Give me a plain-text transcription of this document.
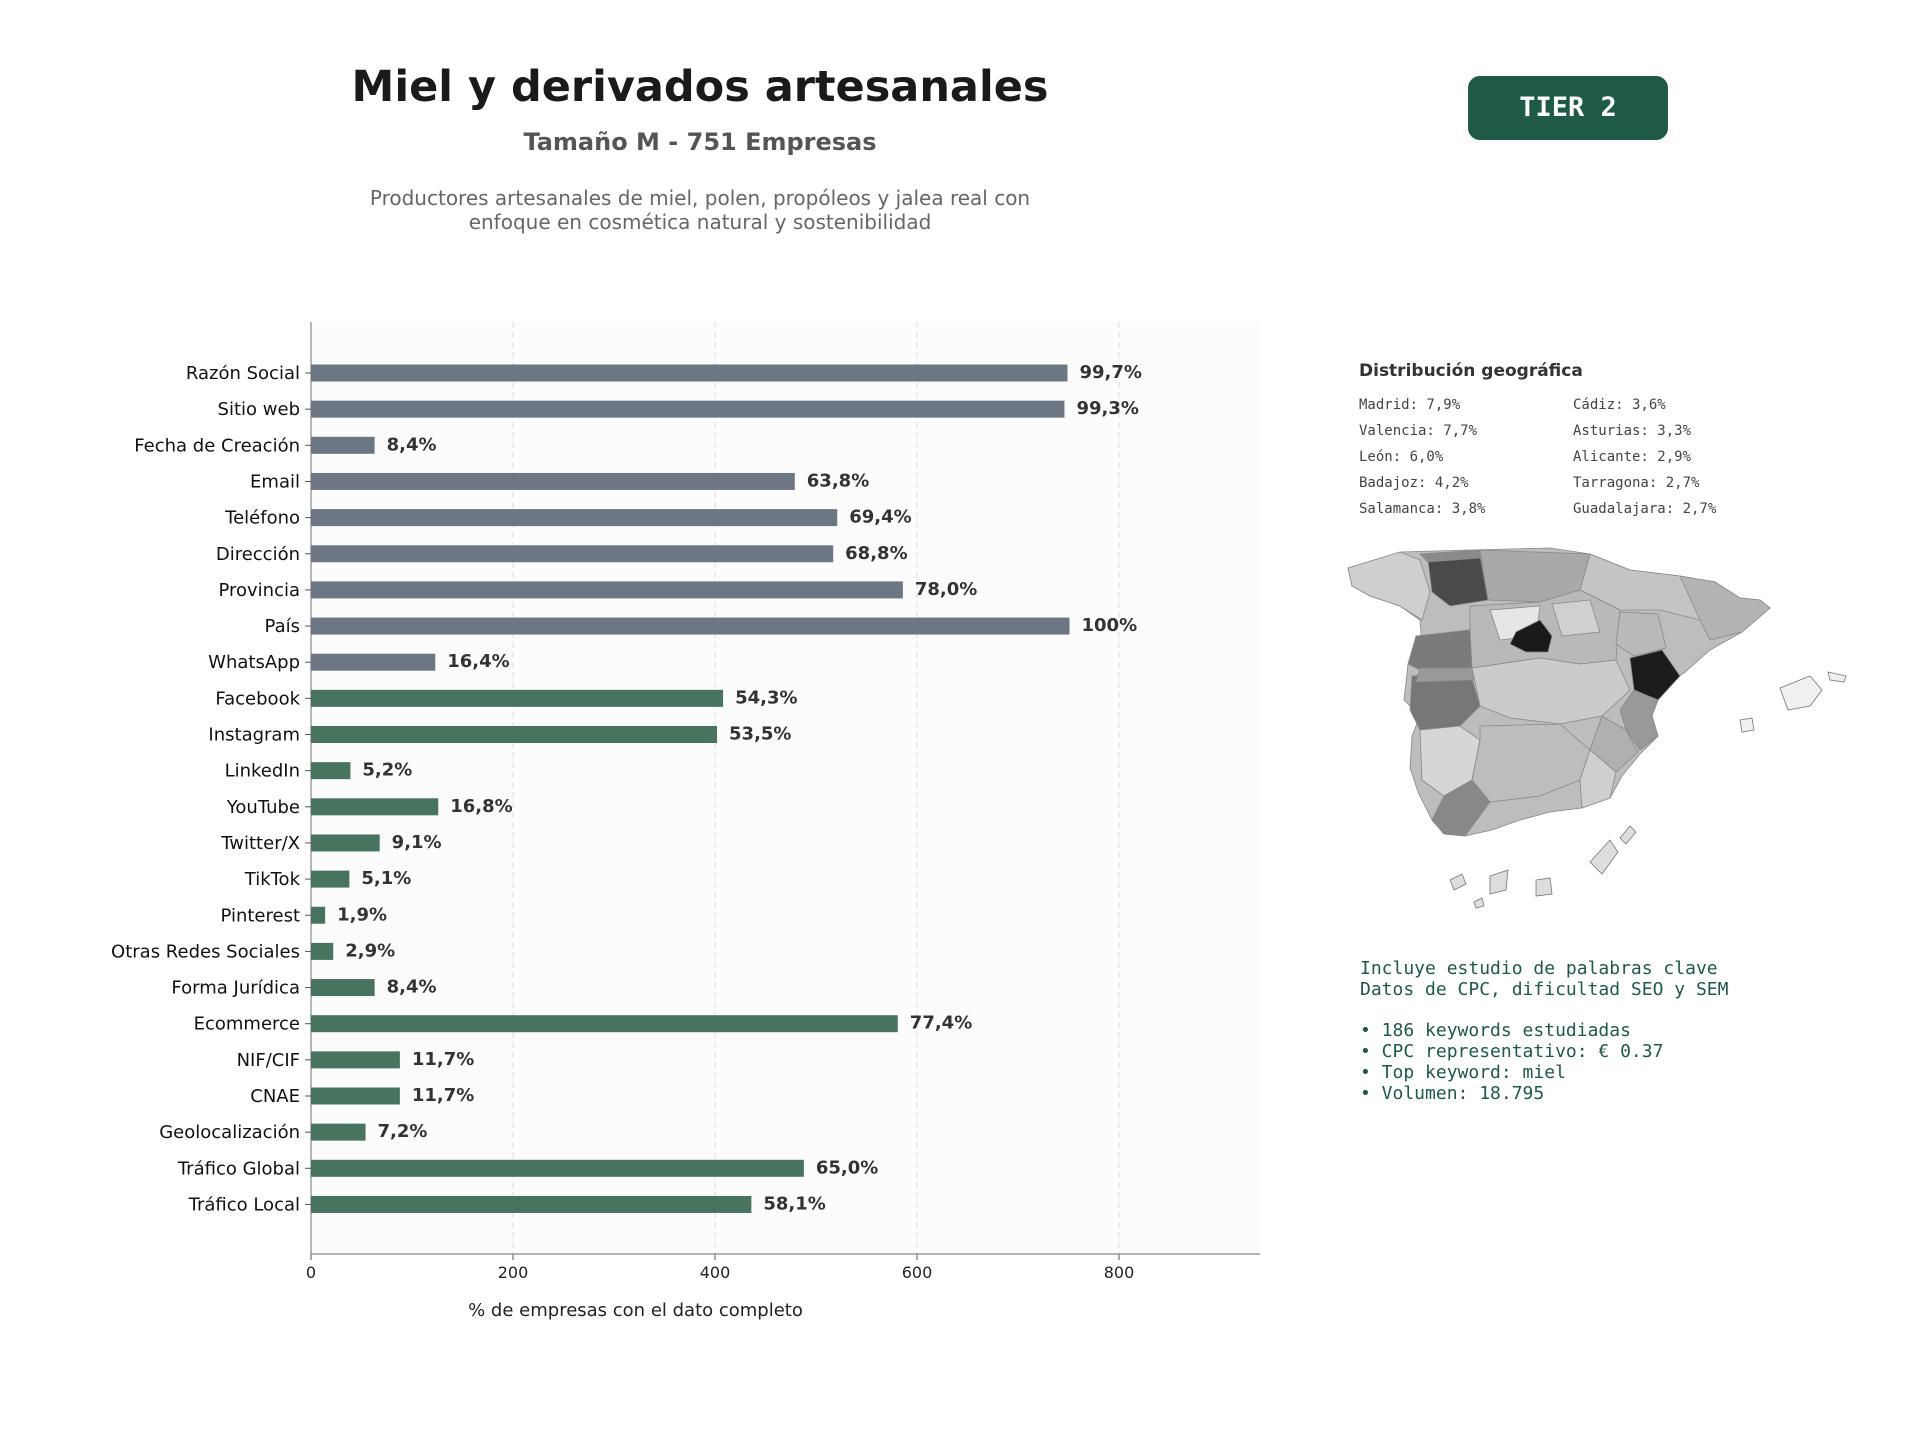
Miel y derivados artesanales
Tamaño M - 751 Empresas
Productores artesanales de miel, polen, propóleos y jalea real con
enfoque en cosmética natural y sostenibilidad
TIER 2
0	200	400	600	800
Razón Social	99,7%
Sitio web	99,3%
Fecha de Creación	8,4%
Email	63,8%
Teléfono	69,4%
Dirección	68,8%
Provincia	78,0%
País	100%
WhatsApp	16,4%
Facebook	54,3%
Instagram	53,5%
LinkedIn	5,2%
YouTube	16,8%
Twitter/X	9,1%
TikTok	5,1%
Pinterest 1,9%
Otras Redes Sociales	2,9%
Forma Jurídica	8,4%
Ecommerce	77,4%
NIF/CIF	11,7%
CNAE	11,7%
Geolocalización	7,2%
Tráfico Global	65,0%
Tráfico Local	58,1%
% de empresas con el dato completo
Distribución geográfica
Madrid: 7,9%	Cádiz: 3,6%
Valencia: 7,7%	Asturias: 3,3%
León: 6,0%	Alicante: 2,9%
Badajoz: 4,2%	Tarragona: 2,7%
Salamanca: 3,8%	Guadalajara: 2,7%
Incluye estudio de palabras clave
Datos de CPC, dificultad SEO y SEM
• 186 keywords estudiadas
• CPC representativo: € 0.37
• Top keyword: miel
• Volumen: 18.795
